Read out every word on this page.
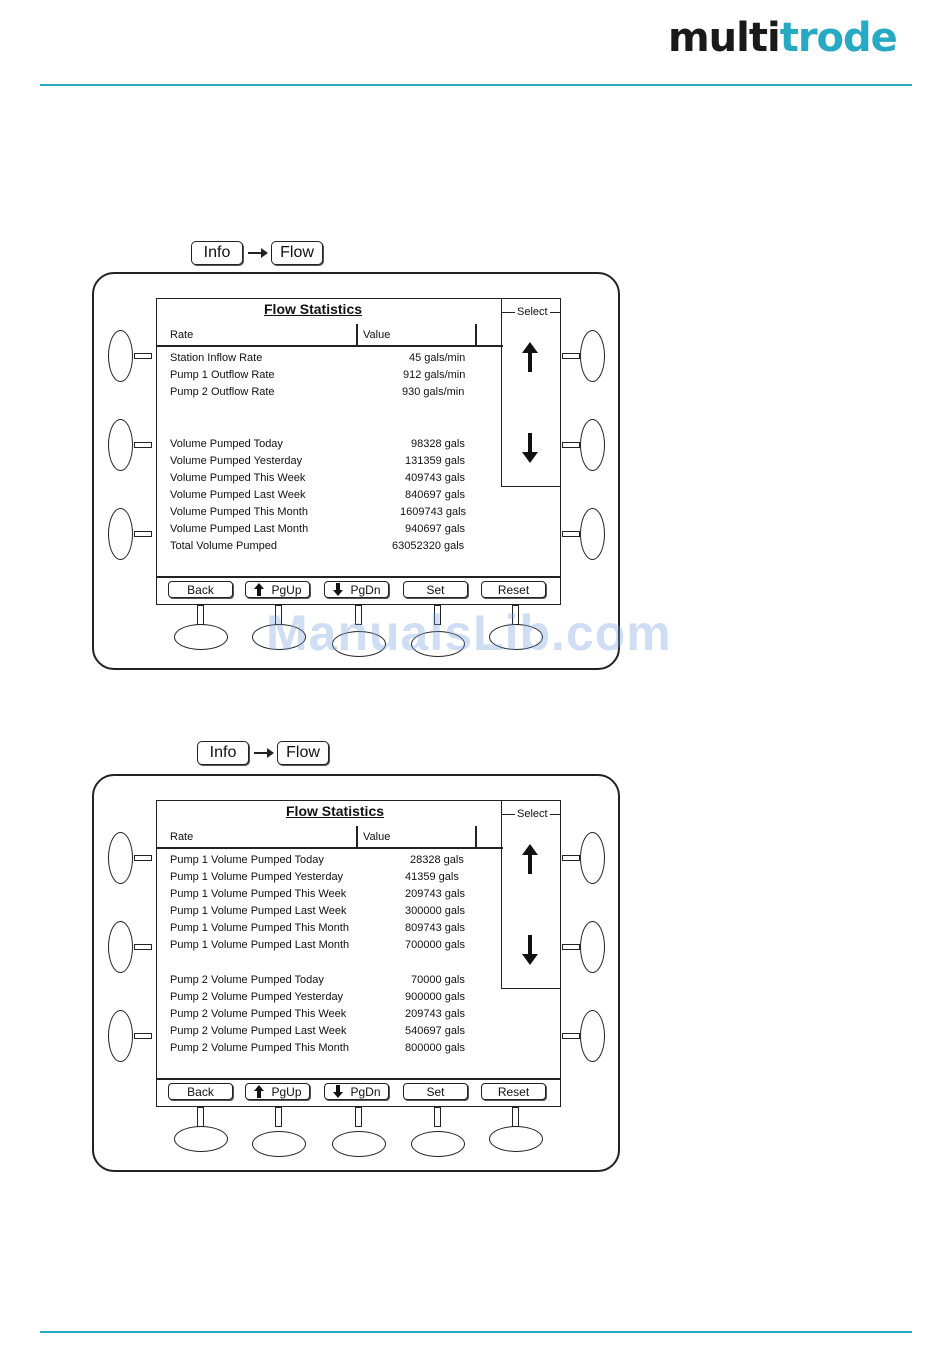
multitrode
Info	Flow
Flow Statistics
Rate	Value
Select
Station Inflow Rate	45 gals/min
Pump 1 Outflow Rate	912 gals/min
Pump 2 Outflow Rate	930 gals/min
Volume Pumped Today	98328 gals
Volume Pumped Yesterday	131359 gals
Volume Pumped This Week	409743 gals
Volume Pumped Last Week	840697 gals
Volume Pumped This Month	1609743 gals
Volume Pumped Last Month	940697 gals
Total Volume Pumped	63052320 gals
Back	PgUp	PgDn	Set	Reset
ManualsLib.com
Info	Flow
Flow Statistics
Rate	Value
Select
Pump 1 Volume Pumped Today	28328 gals
Pump 1 Volume Pumped Yesterday	41359 gals
Pump 1 Volume Pumped This Week	209743 gals
Pump 1 Volume Pumped Last Week	300000 gals
Pump 1 Volume Pumped This Month	809743 gals
Pump 1 Volume Pumped Last Month	700000 gals
Pump 2 Volume Pumped Today	70000 gals
Pump 2 Volume Pumped Yesterday	900000 gals
Pump 2 Volume Pumped This Week	209743 gals
Pump 2 Volume Pumped Last Week	540697 gals
Pump 2 Volume Pumped This Month	800000 gals
Back	PgUp	PgDn	Set	Reset
